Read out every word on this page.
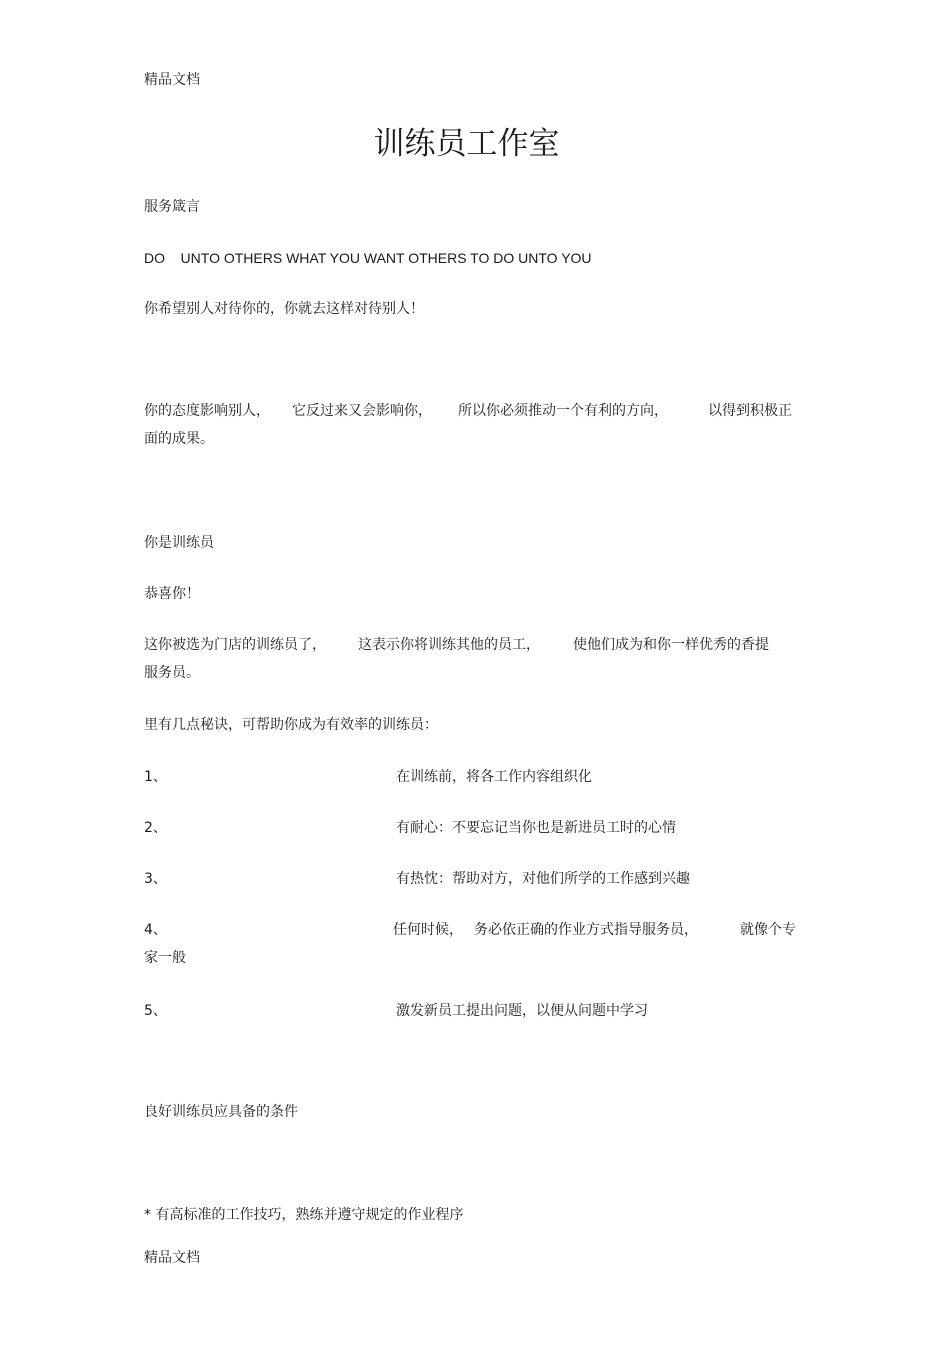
精品文档
训练员工作室
服务箴言
DO    UNTO OTHERS WHAT YOU WANT OTHERS TO DO UNTO YOU
你希望别人对待你的，你就去这样对待别人！
你的态度影响别人， 它反过来又会影响你， 所以你必须推动一个有利的方向，	以得到积极正
面的成果。
你是训练员
恭喜你！
这你被选为门店的训练员了， 这表示你将训练其他的员工， 使他们成为和你一样优秀的香提
服务员。
里有几点秘诀，可帮助你成为有效率的训练员：
1、	在训练前，将各工作内容组织化
2、	有耐心：不要忘记当你也是新进员工时的心情
3、	有热忱：帮助对方，对他们所学的工作感到兴趣
4、	任何时候， 务必依正确的作业方式指导服务员，	就像个专
家一般
5、	激发新员工提出问题，以便从问题中学习
良好训练员应具备的条件
* 有高标准的工作技巧，熟练并遵守规定的作业程序
精品文档
